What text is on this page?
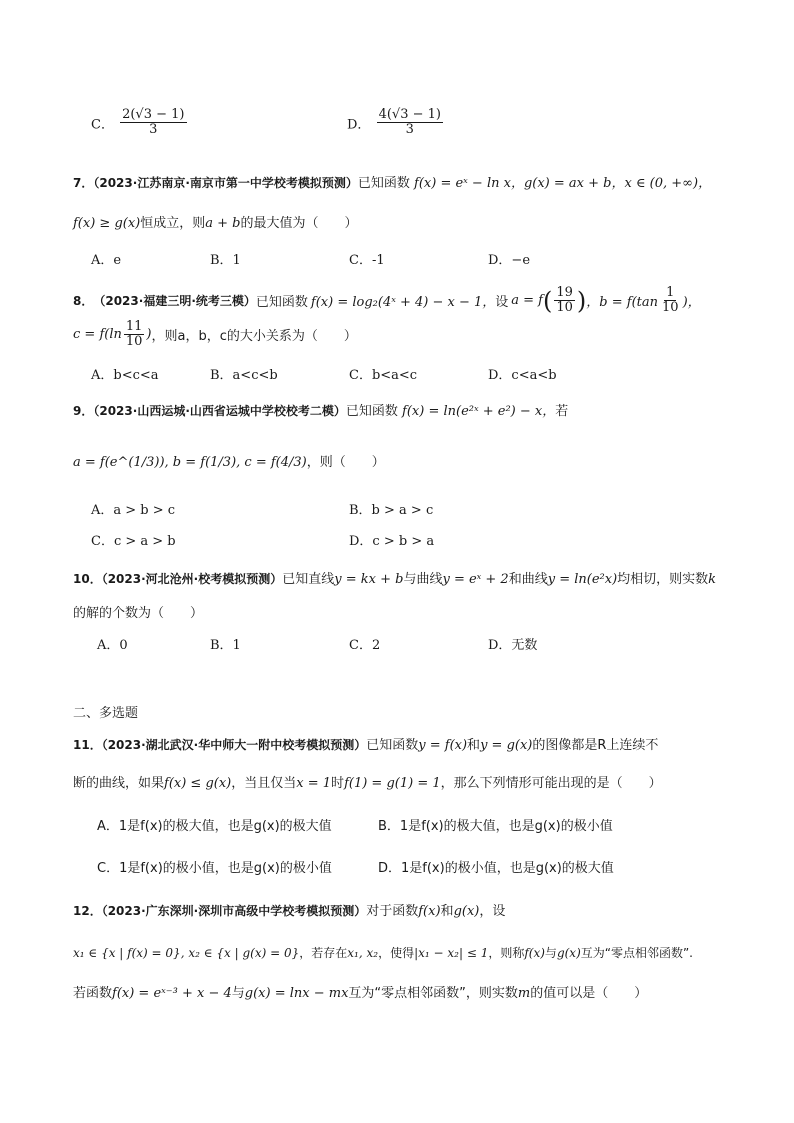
C． $\frac{2(√3 - 1)}{3}$	D． $\frac{4(√3 - 1)}{3}$
7．（2023·江苏南京·南京市第一中学校考模拟预测）已知函数 f(x) = eˣ − ln x，g(x) = ax + b，x ∈ (0, +∞)，
f(x) ≥ g(x)恒成立，则a + b的最大值为（　　）
A．e	B．1	C．-1	D．−e
8． （2023·福建三明·统考三模） 已知函数 f(x) = log₂(4ˣ + 4) − x − 1， 设 a = f ( $\frac{19}{10}$ ) ，$b = f(\tan \frac{1}{10}$ )，
$c = f(\ln \frac{11}{10}$ ) ，则a，b，c的大小关系为（　　）
A．b<c<a	B．a<c<b	C．b<a<c	D．c<a<b
9．（2023·山西运城·山西省运城中学校校考二模）已知函数 f(x) = ln(e²ˣ + e²) − x，若
a = f(e^(1/3)), b = f(1/3), c = f(4/3)，则（　　）
A．a > b > c	B．b > a > c
C．c > a > b	D．c > b > a
10．（2023·河北沧州·校考模拟预测）已知直线y = kx + b与曲线y = eˣ + 2和曲线y = ln(e²x)均相切，则实数k
的解的个数为（　　）
A．0	B．1	C．2	D．无数
二、多选题
11．（2023·湖北武汉·华中师大一附中校考模拟预测）已知函数y = f(x)和y = g(x)的图像都是R上连续不
断的曲线，如果f(x) ≤ g(x)，当且仅当x = 1时f(1) = g(1) = 1，那么下列情形可能出现的是（　　）
A．1是f(x)的极大值，也是g(x)的极大值	B．1是f(x)的极大值，也是g(x)的极小值
C．1是f(x)的极小值，也是g(x)的极小值	D．1是f(x)的极小值，也是g(x)的极大值
12．（2023·广东深圳·深圳市高级中学校考模拟预测）对于函数f(x)和g(x)，设
x₁ ∈ {x | f(x) = 0}, x₂ ∈ {x | g(x) = 0}，若存在x₁, x₂，使得|x₁ − x₂| ≤ 1，则称f(x)与g(x)互为“零点相邻函数”.
若函数f(x) = eˣ⁻³ + x − 4与g(x) = lnx − mx互为“零点相邻函数”，则实数m的值可以是（　　）
